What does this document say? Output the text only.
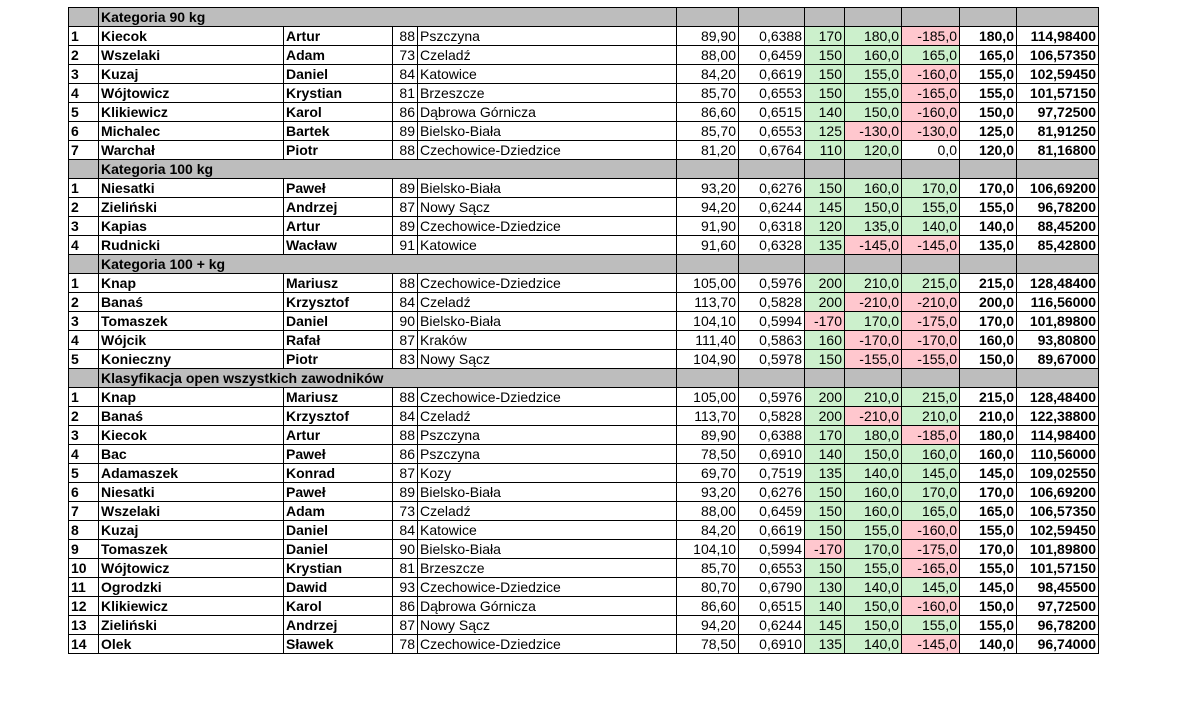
	Kategoria 90 kg										
1	Kiecok	Artur	88	Pszczyna	89,90	0,6388	170	180,0	-185,0	180,0	114,98400
2	Wszelaki	Adam	73	Czeladź	88,00	0,6459	150	160,0	165,0	165,0	106,57350
3	Kuzaj	Daniel	84	Katowice	84,20	0,6619	150	155,0	-160,0	155,0	102,59450
4	Wójtowicz	Krystian	81	Brzeszcze	85,70	0,6553	150	155,0	-165,0	155,0	101,57150
5	Klikiewicz	Karol	86	Dąbrowa Górnicza	86,60	0,6515	140	150,0	-160,0	150,0	97,72500
6	Michalec	Bartek	89	Bielsko-Biała	85,70	0,6553	125	-130,0	-130,0	125,0	81,91250
7	Warchał	Piotr	88	Czechowice-Dziedzice	81,20	0,6764	110	120,0	0,0	120,0	81,16800
	Kategoria 100 kg										
1	Niesatki	Paweł	89	Bielsko-Biała	93,20	0,6276	150	160,0	170,0	170,0	106,69200
2	Zieliński	Andrzej	87	Nowy Sącz	94,20	0,6244	145	150,0	155,0	155,0	96,78200
3	Kapias	Artur	89	Czechowice-Dziedzice	91,90	0,6318	120	135,0	140,0	140,0	88,45200
4	Rudnicki	Wacław	91	Katowice	91,60	0,6328	135	-145,0	-145,0	135,0	85,42800
	Kategoria 100 + kg										
1	Knap	Mariusz	88	Czechowice-Dziedzice	105,00	0,5976	200	210,0	215,0	215,0	128,48400
2	Banaś	Krzysztof	84	Czeladź	113,70	0,5828	200	-210,0	-210,0	200,0	116,56000
3	Tomaszek	Daniel	90	Bielsko-Biała	104,10	0,5994	-170	170,0	-175,0	170,0	101,89800
4	Wójcik	Rafał	87	Kraków	111,40	0,5863	160	-170,0	-170,0	160,0	93,80800
5	Konieczny	Piotr	83	Nowy Sącz	104,90	0,5978	150	-155,0	-155,0	150,0	89,67000
	Klasyfikacja open wszystkich zawodników										
1	Knap	Mariusz	88	Czechowice-Dziedzice	105,00	0,5976	200	210,0	215,0	215,0	128,48400
2	Banaś	Krzysztof	84	Czeladź	113,70	0,5828	200	-210,0	210,0	210,0	122,38800
3	Kiecok	Artur	88	Pszczyna	89,90	0,6388	170	180,0	-185,0	180,0	114,98400
4	Bac	Paweł	86	Pszczyna	78,50	0,6910	140	150,0	160,0	160,0	110,56000
5	Adamaszek	Konrad	87	Kozy	69,70	0,7519	135	140,0	145,0	145,0	109,02550
6	Niesatki	Paweł	89	Bielsko-Biała	93,20	0,6276	150	160,0	170,0	170,0	106,69200
7	Wszelaki	Adam	73	Czeladź	88,00	0,6459	150	160,0	165,0	165,0	106,57350
8	Kuzaj	Daniel	84	Katowice	84,20	0,6619	150	155,0	-160,0	155,0	102,59450
9	Tomaszek	Daniel	90	Bielsko-Biała	104,10	0,5994	-170	170,0	-175,0	170,0	101,89800
10	Wójtowicz	Krystian	81	Brzeszcze	85,70	0,6553	150	155,0	-165,0	155,0	101,57150
11	Ogrodzki	Dawid	93	Czechowice-Dziedzice	80,70	0,6790	130	140,0	145,0	145,0	98,45500
12	Klikiewicz	Karol	86	Dąbrowa Górnicza	86,60	0,6515	140	150,0	-160,0	150,0	97,72500
13	Zieliński	Andrzej	87	Nowy Sącz	94,20	0,6244	145	150,0	155,0	155,0	96,78200
14	Olek	Sławek	78	Czechowice-Dziedzice	78,50	0,6910	135	140,0	-145,0	140,0	96,74000
